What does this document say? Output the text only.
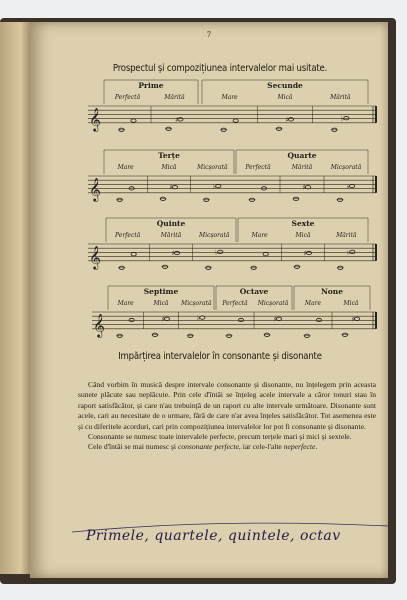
7
Prospectul și compozițiunea intervalelor mai usitate.
𝄞
Prime
Perfectă	Mărită
♯
Secunde
Mare	Mică
♯
Mărită
♭
𝄞
Terțe
Mare	Mică
♯
Micșorată
♭
Quarte
Perfectă	Mărită
♯
Micșorată
♭
𝄞
Quinte
Perfectă	Mărită
♯
Micșorată
♭
Sexte
Mare	Mică
♯
Mărită
♭
𝄞
Septime
Mare	Mică
♯
Micșorată
♭
Octave
Perfectă Micșorată
♯
None
Mare	Mică
♯
Impărțirea intervalelor în consonante și disonante

Când vorbim în musică despre intervale consonante și disonante, nu înțelegem prin aceasta sunete plăcute sau neplăcute. Prin cele d'întâi se înțeleg acele intervale a căror tonuri stau în raport satisfăcător, și care n'au trebuință de un raport cu alte intervale următoare. Disonante sunt acele, cari au necesitate de o urmare, fără de care n'ar avea înțeles satisfăcător. Tot asemenea este și cu diferitele acorduri, cari prin compozițiunea intervalelor lor pot fi consonante și disonante.

Consonante se numesc toate intervalele perfecte, precum terțele mari și mici și sextele.

Cele d'întâi se mai numesc și consonante perfecte, iar cele-l'alte neperfecte.

Primele, quartele, quintele, octav
